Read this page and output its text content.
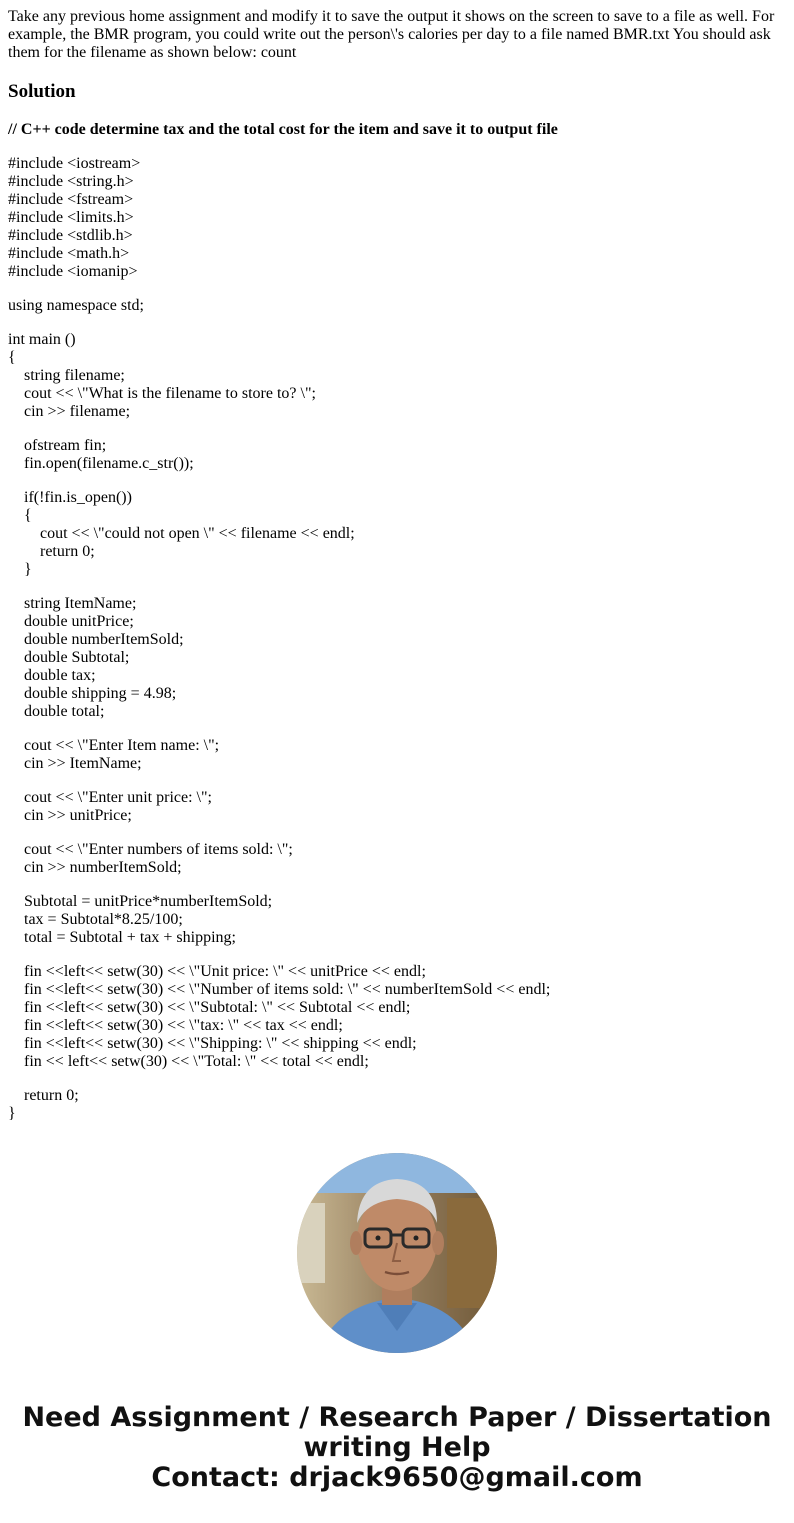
Take any previous home assignment and modify it to save the output it shows on the screen to save to a file as well. For example, the BMR program, you could write out the person\'s calories per day to a file named BMR.txt You should ask them for the filename as shown below: count

Solution

// C++ code determine tax and the total cost for the item and save it to output file

#include <iostream>
#include <string.h>
#include <fstream>
#include <limits.h>
#include <stdlib.h>
#include <math.h>
#include <iomanip>
using namespace std;
int main ()
{
string filename;
cout << \"What is the filename to store to? \";
cin >> filename;
ofstream fin;
fin.open(filename.c_str());
if(!fin.is_open())
{
cout << \"could not open \" << filename << endl;
return 0;
}
string ItemName;
double unitPrice;
double numberItemSold;
double Subtotal;
double tax;
double shipping = 4.98;
double total;
cout << \"Enter Item name: \";
cin >> ItemName;
cout << \"Enter unit price: \";
cin >> unitPrice;
cout << \"Enter numbers of items sold: \";
cin >> numberItemSold;
Subtotal = unitPrice*numberItemSold;
tax = Subtotal*8.25/100;
total = Subtotal + tax + shipping;
fin <<left<< setw(30) << \"Unit price: \" << unitPrice << endl;
fin <<left<< setw(30) << \"Number of items sold: \" << numberItemSold << endl;
fin <<left<< setw(30) << \"Subtotal: \" << Subtotal << endl;
fin <<left<< setw(30) << \"tax: \" << tax << endl;
fin <<left<< setw(30) << \"Shipping: \" << shipping << endl;
fin << left<< setw(30) << \"Total: \" << total << endl;
return 0;
}
Need Assignment / Research Paper / Dissertation
writing Help
Contact: drjack9650@gmail.com
